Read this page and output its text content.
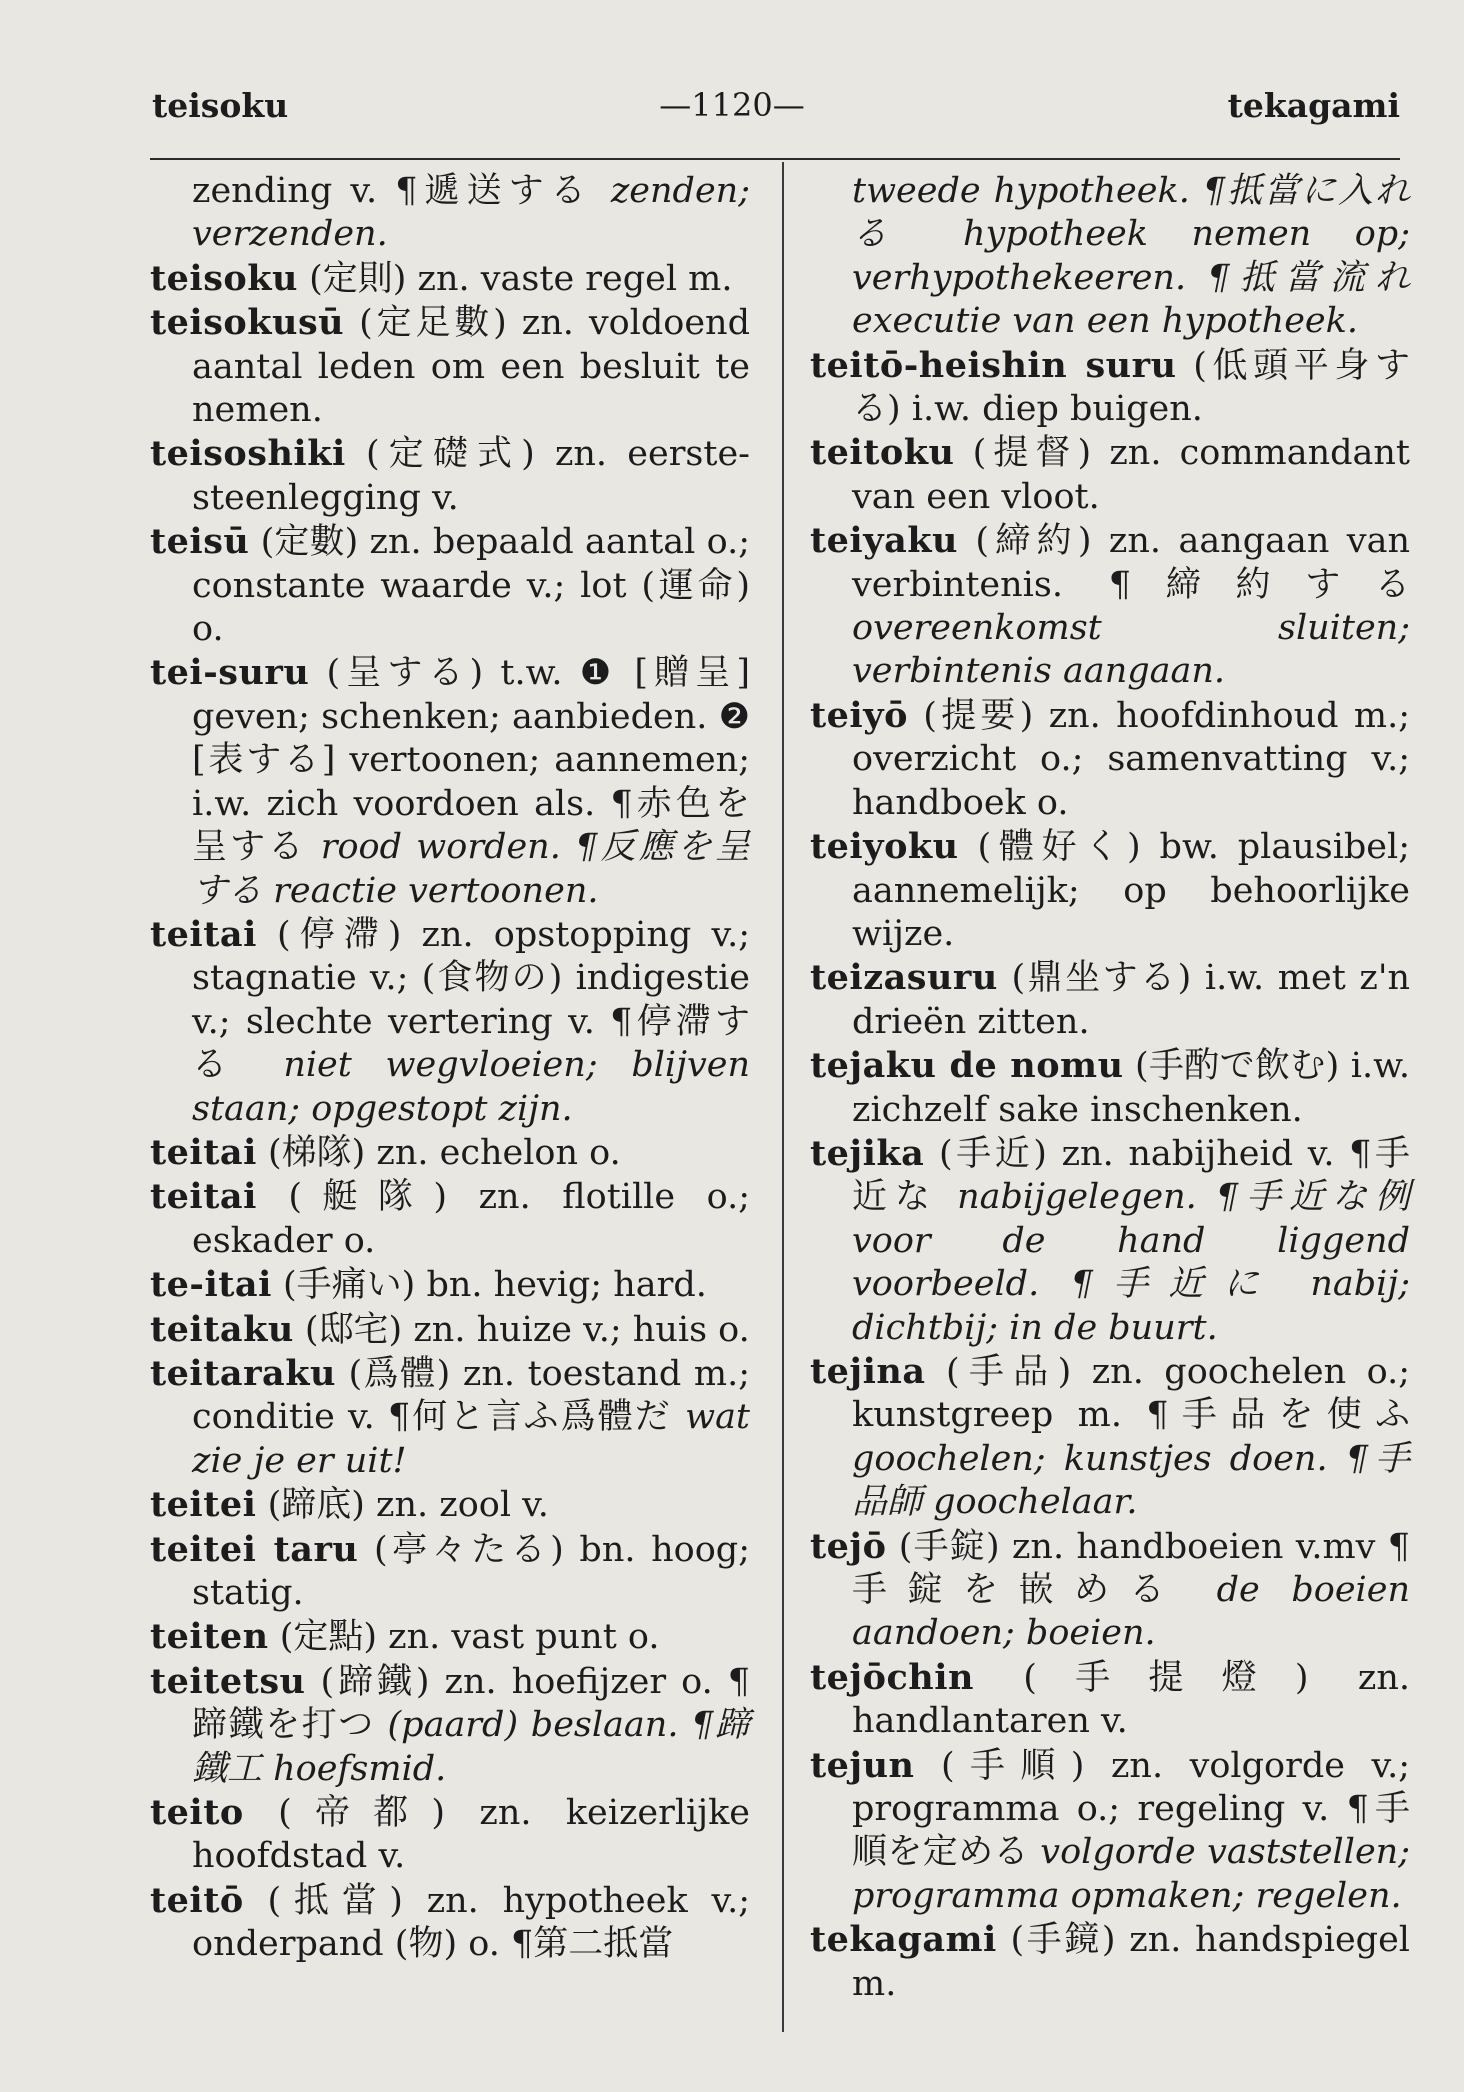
—1120—
teisoku	tekagami
zending v. ¶遞送する zenden; verzenden.
teisoku (定則) zn. vaste regel m.
teisokusū (定足數) zn. voldoend aantal leden om een besluit te nemen.
teisoshiki (定礎式) zn. eerste-steenlegging v.
teisū (定數) zn. bepaald aantal o.; constante waarde v.; lot (運命) o.
tei-suru (呈する) t.w. ❶ [贈呈] geven; schenken; aanbieden. ❷ [表する] vertoonen; aannemen; i.w. zich voordoen als. ¶赤色を呈する rood worden. ¶反應を呈する reactie vertoonen.
teitai (停滯) zn. opstopping v.; stagnatie v.; (食物の) indigestie v.; slechte vertering v. ¶停滯する niet wegvloeien; blijven staan; opgestopt zijn.
teitai (梯隊) zn. echelon o.
teitai (艇隊) zn. flotille o.; eskader o.
te-itai (手痛い) bn. hevig; hard.
teitaku (邸宅) zn. huize v.; huis o.
teitaraku (爲體) zn. toestand m.; conditie v. ¶何と言ふ爲體だ wat zie je er uit!
teitei (蹄底) zn. zool v.
teitei taru (亭々たる) bn. hoog; statig.
teiten (定點) zn. vast punt o.
teitetsu (蹄鐵) zn. hoefijzer o. ¶蹄鐵を打つ (paard) beslaan. ¶蹄鐵工 hoefsmid.
teito (帝都) zn. keizerlijke hoofdstad v.
teitō (抵當) zn. hypotheek v.; onderpand (物) o. ¶第二抵當
tweede hypotheek. ¶抵當に入れる hypotheek nemen op; verhypothekeeren. ¶抵當流れ executie van een hypotheek.
teitō-heishin suru (低頭平身する) i.w. diep buigen.
teitoku (提督) zn. commandant van een vloot.
teiyaku (締約) zn. aangaan van verbintenis. ¶締約する overeenkomst sluiten; verbintenis aangaan.
teiyō (提要) zn. hoofdinhoud m.; overzicht o.; samenvatting v.; handboek o.
teiyoku (體好く) bw. plausibel; aannemelijk; op behoorlijke wijze.
teizasuru (鼎坐する) i.w. met z'n drieën zitten.
tejaku de nomu (手酌で飲む) i.w. zichzelf sake inschenken.
tejika (手近) zn. nabijheid v. ¶手近な nabijgelegen. ¶手近な例 voor de hand liggend voorbeeld. ¶手近に nabij; dichtbij; in de buurt.
tejina (手品) zn. goochelen o.; kunstgreep m. ¶手品を使ふ goochelen; kunstjes doen. ¶手品師 goochelaar.
tejō (手錠) zn. handboeien v.mv ¶手錠を嵌める de boeien aandoen; boeien.
tejōchin (手提燈) zn. handlantaren v.
tejun (手順) zn. volgorde v.; programma o.; regeling v. ¶手順を定める volgorde vaststellen; programma opmaken; regelen.
tekagami (手鏡) zn. handspiegel m.
